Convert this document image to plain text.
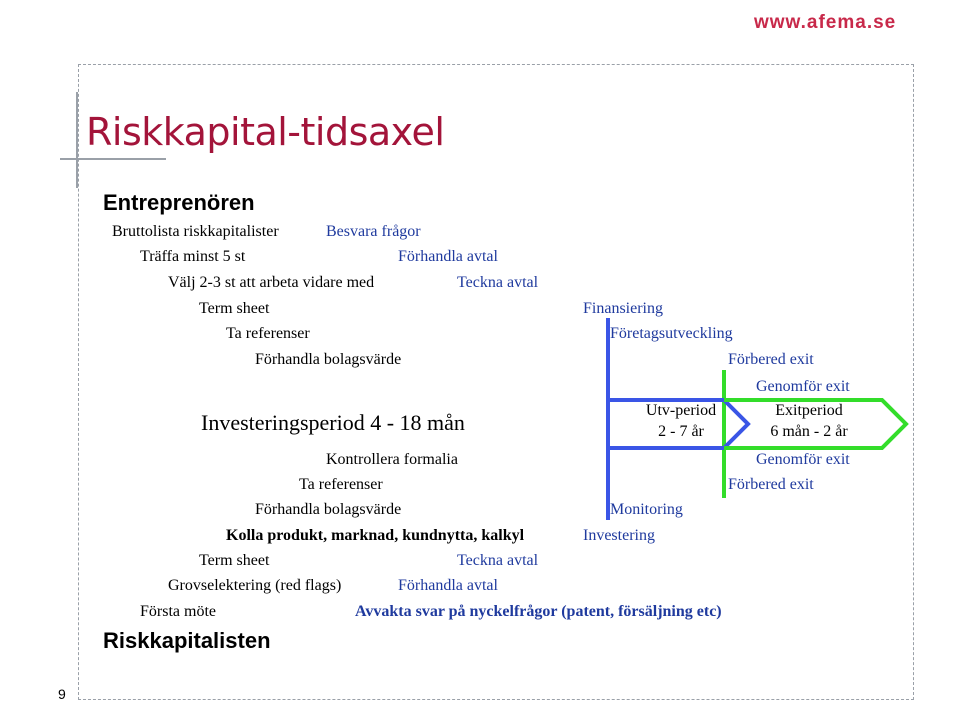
www.afema.se
9
Riskkapital-tidsaxel
Entreprenören
Bruttolista riskkapitalister	Besvara frågor
Träffa minst 5 st	Förhandla avtal
Välj 2-3 st att arbeta vidare med	Teckna avtal
Term sheet	Finansiering
Ta referenser	Företagsutveckling
Förhandla bolagsvärde	Förbered exit
Genomför exit
Investeringsperiod 4 - 18 mån	Utv-period
2 - 7 år
Exitperiod
6 mån - 2 år
Kontrollera formalia	Genomför exit
Ta referenser	Förbered exit
Förhandla bolagsvärde	Monitoring
Kolla produkt, marknad, kundnytta, kalkyl	Investering
Term sheet	Teckna avtal
Grovselektering (red flags)	Förhandla avtal
Första möte	Avvakta svar på nyckelfrågor (patent, försäljning etc)
Riskkapitalisten
